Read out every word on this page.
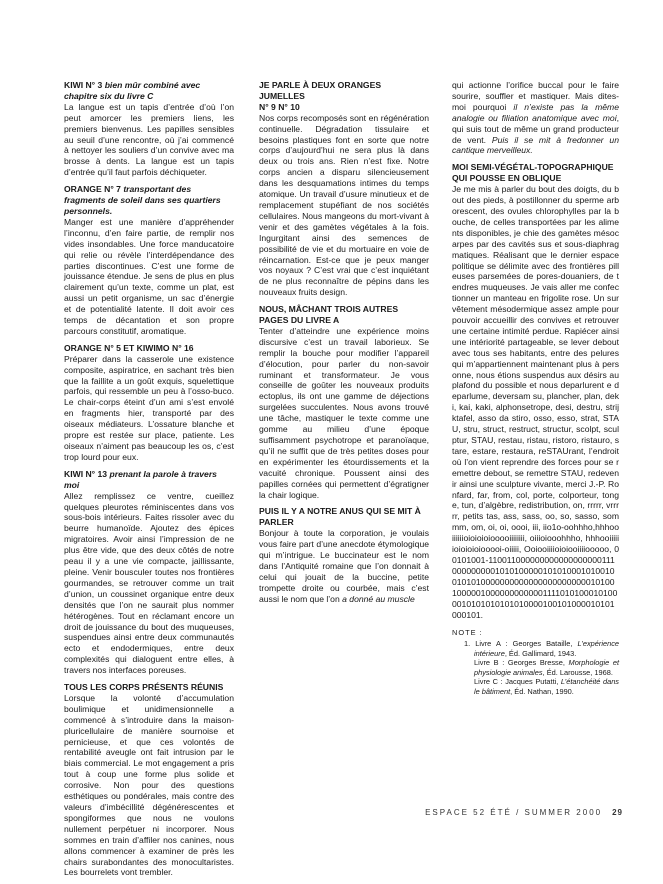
KIWI N° 3 bien mûr combiné avec chapitre six du livre C

La langue est un tapis d’entrée d’où l’on peut amorcer les premiers liens, les premiers bienvenus. Les papilles sensibles au seuil d’une rencontre, où j’ai commencé à nettoyer les souliers d’un convive avec ma brosse à dents. La langue est un tapis d’entrée qu’il faut parfois déchiqueter.

ORANGE N° 7 transportant des fragments de soleil dans ses quartiers personnels.

Manger est une manière d’appréhender l’inconnu, d’en faire partie, de remplir nos vides insondables. Une force manducatoire qui relie ou révèle l’interdépendance des parties discontinues. C’est une forme de jouissance étendue. Je sens de plus en plus clairement qu’un texte, comme un plat, est aussi un petit organisme, un sac d’énergie et de potentialité latente. Il doit avoir ces temps de décantation et son propre parcours constitutif, aromatique.

ORANGE N° 5 ET KIWIMO N° 16

Préparer dans la casserole une existence composite, aspiratrice, en sachant très bien que la faillite a un goût exquis, squelettique parfois, qui ressemble un peu à l’osso-buco. Le chair-corps éteint d’un ami s’est envolé en fragments hier, transporté par des oiseaux médiateurs. L’ossature blanche et propre est restée sur place, patiente. Les oiseaux n’aiment pas beaucoup les os, c’est trop lourd pour eux.

KIWI N° 13 prenant la parole à travers moi

Allez remplissez ce ventre, cueillez quelques pleurotes réminiscentes dans vos sous-bois intérieurs. Faites rissoler avec du beurre humanoïde. Ajoutez des épices migratoires. Avoir ainsi l’impression de ne plus être vide, que des deux côtés de notre peau il y a une vie compacte, jaillissante, pleine. Venir bousculer toutes nos frontières gourmandes, se retrouver comme un trait d’union, un coussinet organique entre deux densités que l’on ne saurait plus nommer hétérogènes. Tout en réclamant encore un droit de jouissance du bout des muqueuses, suspendues ainsi entre deux communautés ecto et endodermiques, entre deux complexités qui dialoguent entre elles, à travers nos interfaces poreuses.

TOUS LES CORPS PRÉSENTS RÉUNIS

Lorsque la volonté d’accumulation boulimique et unidimensionnelle a commencé à s’introduire dans la maison-pluricellulaire de manière sournoise et pernicieuse, et que ces volontés de rentabilité aveugle ont fait intrusion par le biais commercial. Le mot engagement a pris tout à coup une forme plus solide et corrosive. Non pour des questions esthétiques ou pondérales, mais contre des valeurs d’imbécillité dégénérescentes et spongiformes que nous ne voulons nullement perpétuer ni incorporer. Nous sommes en train d’affiler nos canines, nous allons commencer à examiner de près les chairs surabondantes des monocultaristes. Les bourrelets vont trembler.

JE PARLE À DEUX ORANGES JUMELLES
N° 9 N° 10

Nos corps recomposés sont en régénération continuelle. Dégradation tissulaire et besoins plastiques font en sorte que notre corps d’aujourd’hui ne sera plus là dans deux ou trois ans. Rien n’est fixe. Notre corps ancien a disparu silencieusement dans les desquamations intimes du temps atomique. Un travail d’usure minutieux et de remplacement stupéfiant de nos sociétés cellulaires. Nous mangeons du mort-vivant à venir et des gamètes végétales à la fois. Ingurgitant ainsi des semences de possibilité de vie et du mortuaire en voie de réincarnation. Est-ce que je peux manger vos noyaux ? C’est vrai que c’est inquiétant de ne plus reconnaître de pépins dans les nouveaux fruits design.

NOUS, MÂCHANT TROIS AUTRES PAGES DU LIVRE A

Tenter d’atteindre une expérience moins discursive c’est un travail laborieux. Se remplir la bouche pour modifier l’appareil d’élocution, pour parler du non-savoir ruminant et transformateur. Je vous conseille de goûter les nouveaux produits ectoplus, ils ont une gamme de déjections surgelées succulentes. Nous avons trouvé une tâche, mastiquer le texte comme une gomme au milieu d’une époque suffisamment psychotrope et paranoïaque, qu’il ne suffit que de très petites doses pour en expérimenter les étourdissements et la vacuité chronique. Poussent ainsi des papilles cornées qui permettent d’égratigner la chair logique.

PUIS IL Y A NOTRE ANUS QUI SE MIT À PARLER

Bonjour à toute la corporation, je voulais vous faire part d’une anecdote étymologique qui m’intrigue. Le buccinateur est le nom dans l’Antiquité romaine que l’on donnait à celui qui jouait de la buccine, petite trompette droite ou courbée, mais c’est aussi le nom que l’on a donné au muscle

qui actionne l’orifice buccal pour le faire sourire, souffler et mastiquer. Mais dites-moi pourquoi il n’existe pas la même analogie ou filiation anatomique avec moi, qui suis tout de même un grand producteur de vent. Puis il se mit à fredonner un cantique merveilleux.

MOI SEMI-VÉGÉTAL-TOPOGRAPHIQUE QUI POUSSE EN OBLIQUE

Je me mis à parler du bout des doigts, du bout des pieds, à postillonner du sperme arborescent, des ovules chlorophylles par la bouche, de celles transportées par les aliments disponibles, je chie des gamètes mésocarpes par des cavités sus et sous-diaphragmatiques. Réalisant que le dernier espace politique se délimite avec des frontières pilleuses parsemées de pores-douaniers, de tendres muqueuses. Je vais aller me confectionner un manteau en frigolite rose. Un survêtement mésodermique assez ample pour pouvoir accueillir des convives et retrouver une certaine intimité perdue. Rapiécer ainsi une intériorité partageable, se lever debout avec tous ses habitants, entre des pelures qui m’appartiennent maintenant plus à personne, nous étions suspendus aux désirs au plafond du possible et nous deparlurent e deparlume, deversam su, plancher, plan, deki, kai, kaki, alphonsetrope, desi, destru, strijktafel, asso da stiro, osso, esso, strat, STAU, stru, struct, restruct, structur, scolpt, sculptur, STAU, restau, ristau, ristoro, ristauro, stare, estare, restaura, reSTAUrant, l’endroit où l’on vient reprendre des forces pour se remettre debout, se remettre STAU, redevenir ainsi une sculpture vivante, merci J.-P. Ronfard, far, from, col, porte, colporteur, tonge, tun, d’algèbre, redistribution, on, rrrrr, vrrrrr, petits tas, ass, sass, oo, so, sasso, sommm, om, oi, oi, oooi, iii, iio1o-oohhho,hhhooiiiiiioioioioiooooiiiiiiii, oiiioiooohhho, hhhooiiiiiioioioioiooooi-oiiiii, Ooiooiiiioioiooiiiiooooo, 00101001-11001100000000000000000011100000000010101000001010100010100100101010000000000000000000000010100100000100000000000011110101000101000010101010101010000100101000010101000101.

NOTE :

1. Livre A : Georges Bataille, L’expérience intérieure, Éd. Gallimard, 1943.

Livre B : Georges Bresse, Morphologie et physiologie animales, Éd. Larousse, 1968.

Livre C : Jacques Putatti, L’étanchéité dans le bâtiment, Éd. Nathan, 1990.

ESPACE 52 ÉTÉ / SUMMER 2000 29
